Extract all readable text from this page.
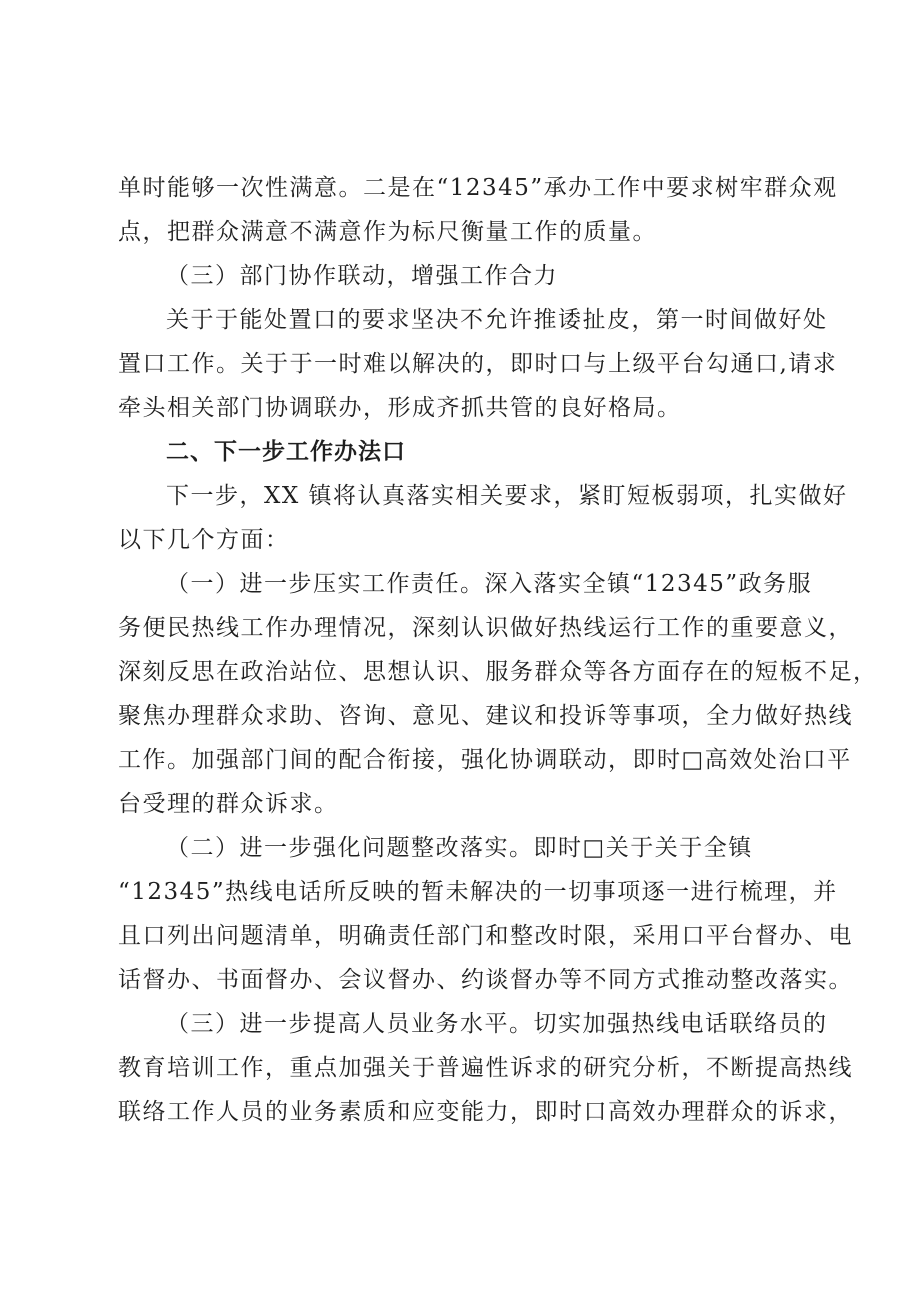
单时能够一次性满意。二是在“12345”承办工作中要求树牢群众观
点，把群众满意不满意作为标尺衡量工作的质量。
（三）部门协作联动，增强工作合力
关于于能处置口的要求坚决不允许推诿扯皮，第一时间做好处
置口工作。关于于一时难以解决的，即时口与上级平台勾通口,请求
牵头相关部门协调联办，形成齐抓共管的良好格局。
二、下一步工作办法口
下一步，XX 镇将认真落实相关要求，紧盯短板弱项，扎实做好
以下几个方面：
（一）进一步压实工作责任。深入落实全镇“12345”政务服
务便民热线工作办理情况，深刻认识做好热线运行工作的重要意义，
深刻反思在政治站位、思想认识、服务群众等各方面存在的短板不足，
聚焦办理群众求助、咨询、意见、建议和投诉等事项，全力做好热线
工作。加强部门间的配合衔接，强化协调联动，即时□高效处治口平
台受理的群众诉求。
（二）进一步强化问题整改落实。即时□关于关于全镇
“12345”热线电话所反映的暂未解决的一切事项逐一进行梳理，并
且口列出问题清单，明确责任部门和整改时限，采用口平台督办、电
话督办、书面督办、会议督办、约谈督办等不同方式推动整改落实。
（三）进一步提高人员业务水平。切实加强热线电话联络员的
教育培训工作，重点加强关于普遍性诉求的研究分析，不断提高热线
联络工作人员的业务素质和应变能力，即时口高效办理群众的诉求，
